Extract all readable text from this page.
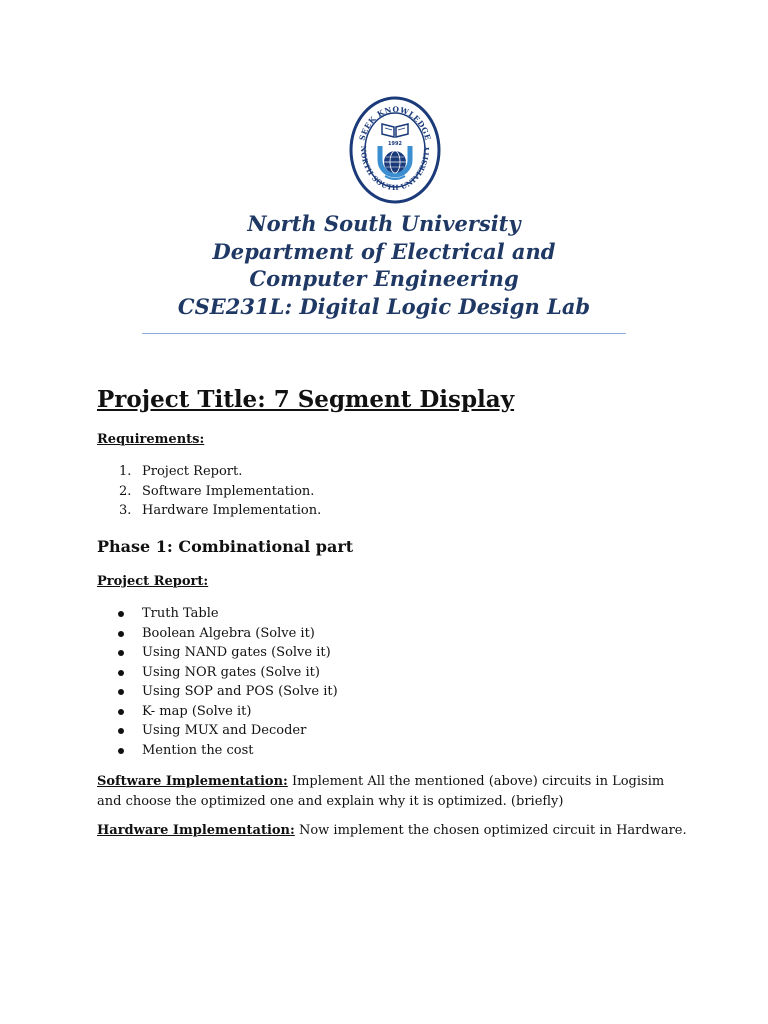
SEEK KNOWLEDGE
NORTH SOUTH UNIVERSITY
1992
North South University
Department of Electrical and
Computer Engineering
CSE231L: Digital Logic Design Lab
Project Title: 7 Segment Display
Requirements:
1. Project Report.
2. Software Implementation.
3. Hardware Implementation.
Phase 1: Combinational part
Project Report:
Truth Table
Boolean Algebra (Solve it)
Using NAND gates (Solve it)
Using NOR gates (Solve it)
Using SOP and POS (Solve it)
K- map (Solve it)
Using MUX and Decoder
Mention the cost
Software Implementation: Implement All the mentioned (above) circuits in Logisim and choose the optimized one and explain why it is optimized. (briefly)
Hardware Implementation: Now implement the chosen optimized circuit in Hardware.
